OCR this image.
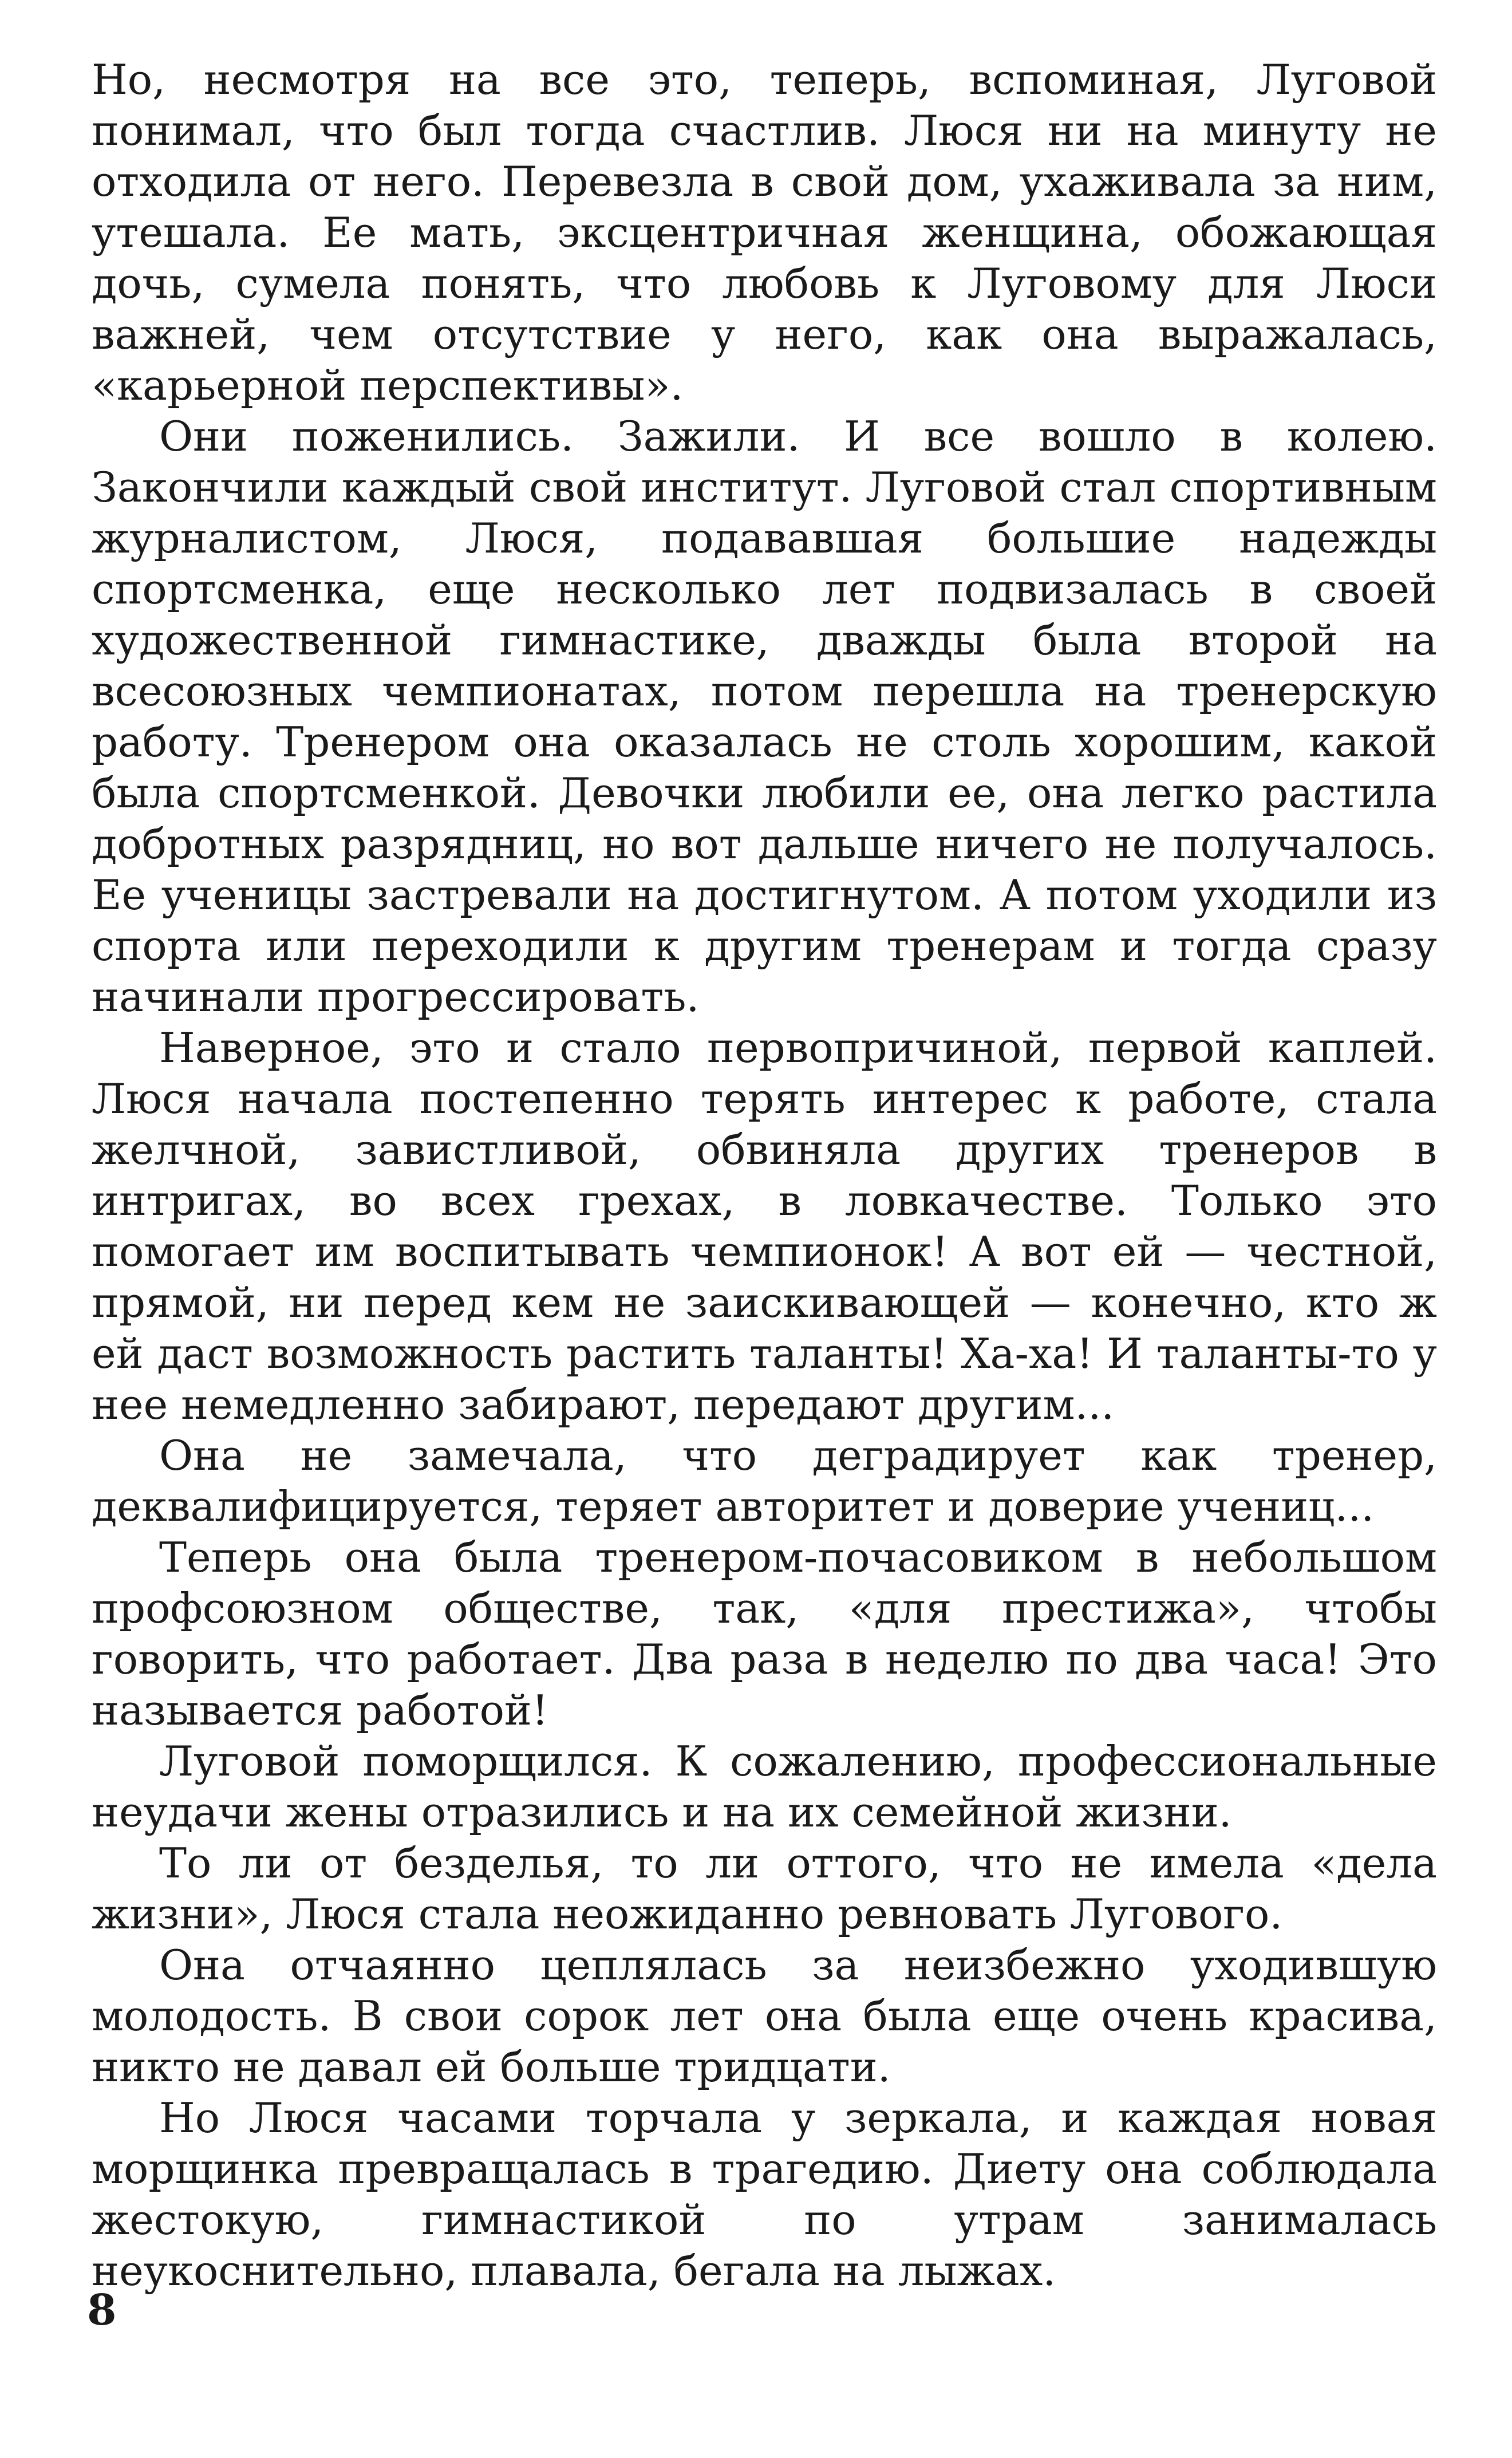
Но, несмотря на все это, теперь, вспоминая, Луговой понимал, что был тогда счастлив. Люся ни на минуту не отходила от него. Перевезла в свой дом, ухаживала за ним, утешала. Ее мать, эксцентричная женщина, обожающая дочь, сумела понять, что любовь к Луговому для Люси важней, чем отсутствие у него, как она выражалась, «карьерной перспективы».

Они поженились. Зажили. И все вошло в колею. Закончили каждый свой институт. Луговой стал спортивным журналистом, Люся, подававшая большие надежды спортсменка, еще несколько лет подвизалась в своей художественной гимнастике, дважды была второй на всесоюзных чемпионатах, потом перешла на тренерскую работу. Тренером она оказалась не столь хорошим, какой была спортсменкой. Девочки любили ее, она легко растила добротных разрядниц, но вот дальше ничего не получалось. Ее ученицы застревали на достигнутом. А потом уходили из спорта или переходили к другим тренерам и тогда сразу начинали прогрессировать.

Наверное, это и стало первопричиной, первой каплей. Люся начала постепенно терять интерес к работе, стала желчной, завистливой, обвиняла других тренеров в интригах, во всех грехах, в ловкачестве. Только это помогает им воспитывать чемпионок! А вот ей — честной, прямой, ни перед кем не заискивающей — конечно, кто ж ей даст возможность растить таланты! Ха-ха! И таланты-то у нее немедленно забирают, передают другим...

Она не замечала, что деградирует как тренер, деквалифицируется, теряет авторитет и доверие учениц...

Теперь она была тренером-почасовиком в небольшом профсоюзном обществе, так, «для престижа», чтобы говорить, что работает. Два раза в неделю по два часа! Это называется работой!

Луговой поморщился. К сожалению, профессиональные неудачи жены отразились и на их семейной жизни.

То ли от безделья, то ли оттого, что не имела «дела жизни», Люся стала неожиданно ревновать Лугового.

Она отчаянно цеплялась за неизбежно уходившую молодость. В свои сорок лет она была еще очень красива, никто не давал ей больше тридцати.

Но Люся часами торчала у зеркала, и каждая новая морщинка превращалась в трагедию. Диету она соблюдала жестокую, гимнастикой по утрам занималась неукоснительно, плавала, бегала на лыжах.

8
